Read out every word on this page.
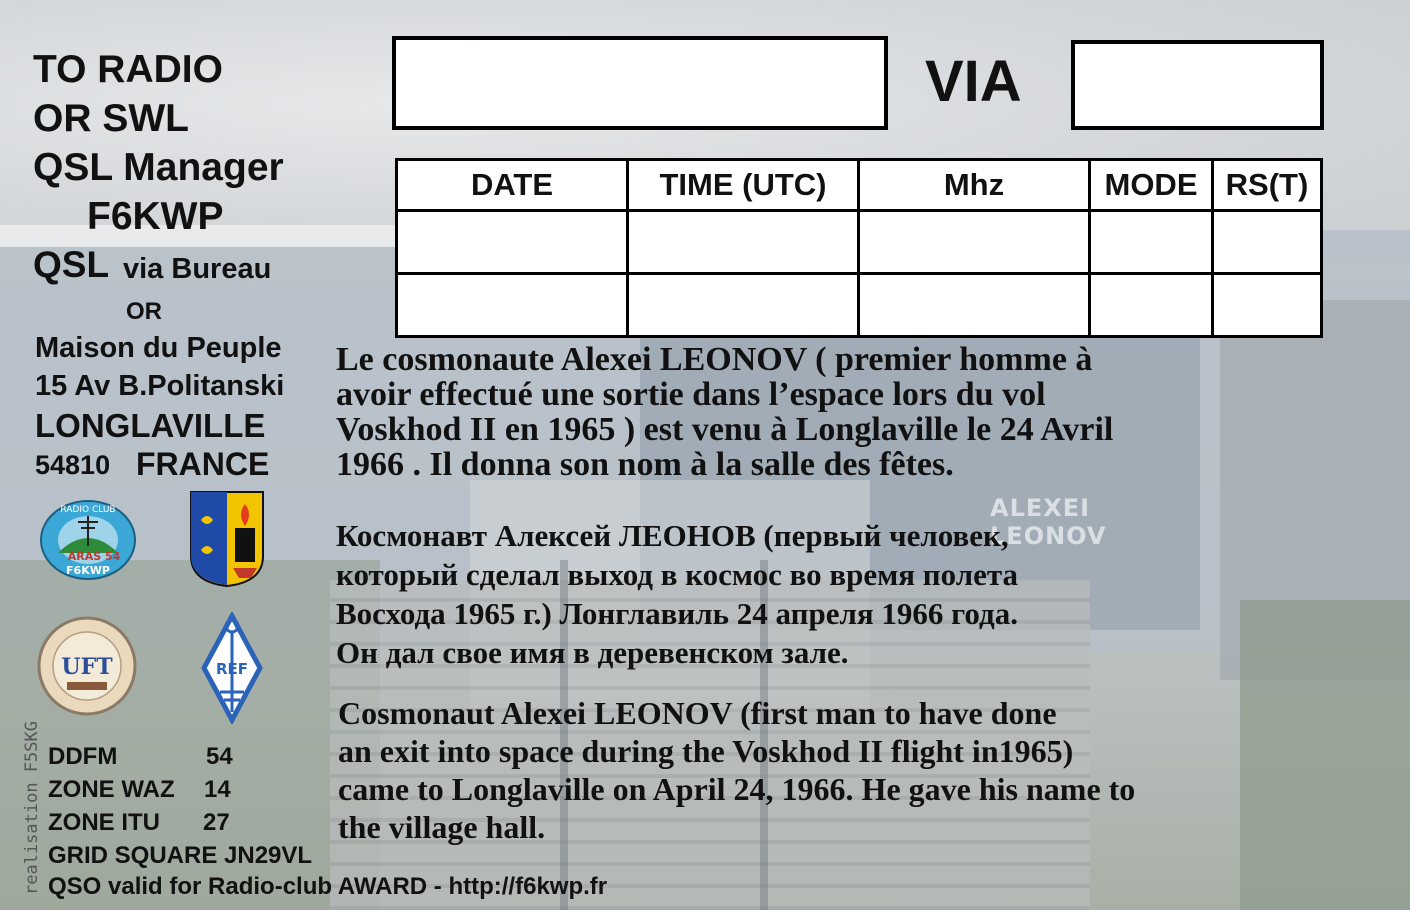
ALEXEI LEONOV
TO RADIO
OR SWL
QSL Manager
F6KWP
QSL via Bureau
OR
Maison du Peuple
15 Av B.Politanski
LONGLAVILLE
54810 FRANCE
RADIO CLUB
ARAS 54
F6KWP
UFT	REF
VIA
DATE	TIME (UTC)	Mhz	MODE	RS(T)

Le cosmonaute Alexei LEONOV ( premier homme à
avoir effectué une sortie dans l’espace lors du vol
Voskhod II en 1965 ) est venu à Longlaville le 24 Avril
1966 . Il donna son nom à la salle des fêtes.
Космонавт Алексей ЛЕОНОВ (первый человек,
который сделал выход в космос во время полета
Восхода 1965 г.) Лонглавиль 24 апреля 1966 года.
Он дал свое имя в деревенском зале.
Cosmonaut Alexei LEONOV (first man to have done
an exit into space during the Voskhod II flight in1965)
came to Longlaville on April 24, 1966. He gave his name to
the village hall.
DDFM	54
ZONE WAZ 14
ZONE ITU 27
GRID SQUARE JN29VL
QSO valid for Radio-club AWARD - http://f6kwp.fr
realisation F5SKG
